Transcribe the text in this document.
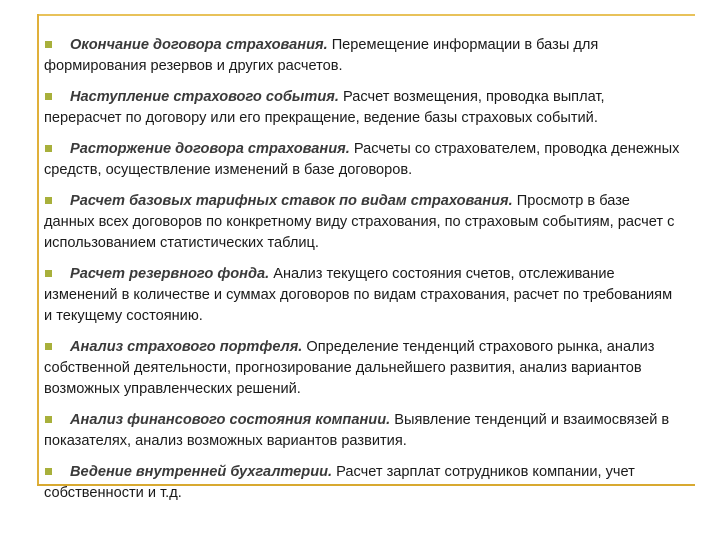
Окончание договора страхования. Перемещение информации в базы для формирования резервов и других расчетов.
Наступление страхового события. Расчет возмещения, проводка выплат, перерасчет по договору или его прекращение, ведение базы страховых событий.
Расторжение договора страхования. Расчеты со страхователем, проводка денежных средств, осуществление изменений в базе договоров.
Расчет базовых тарифных ставок по видам страхования. Просмотр в базе данных всех договоров по конкретному виду страхования, по страховым событиям, расчет с использованием статистических таблиц.
Расчет резервного фонда. Анализ текущего состояния счетов, отслеживание изменений в количестве и суммах договоров по видам страхования, расчет по требованиям и текущему состоянию.
Анализ страхового портфеля. Определение тенденций страхового рынка, анализ собственной деятельности, прогнозирование дальнейшего развития, анализ вариантов возможных управленческих решений.
Анализ финансового состояния компании. Выявление тенденций и взаимосвязей в показателях, анализ возможных вариантов развития.
Ведение внутренней бухгалтерии. Расчет зарплат сотрудников компании, учет собственности и т.д.
